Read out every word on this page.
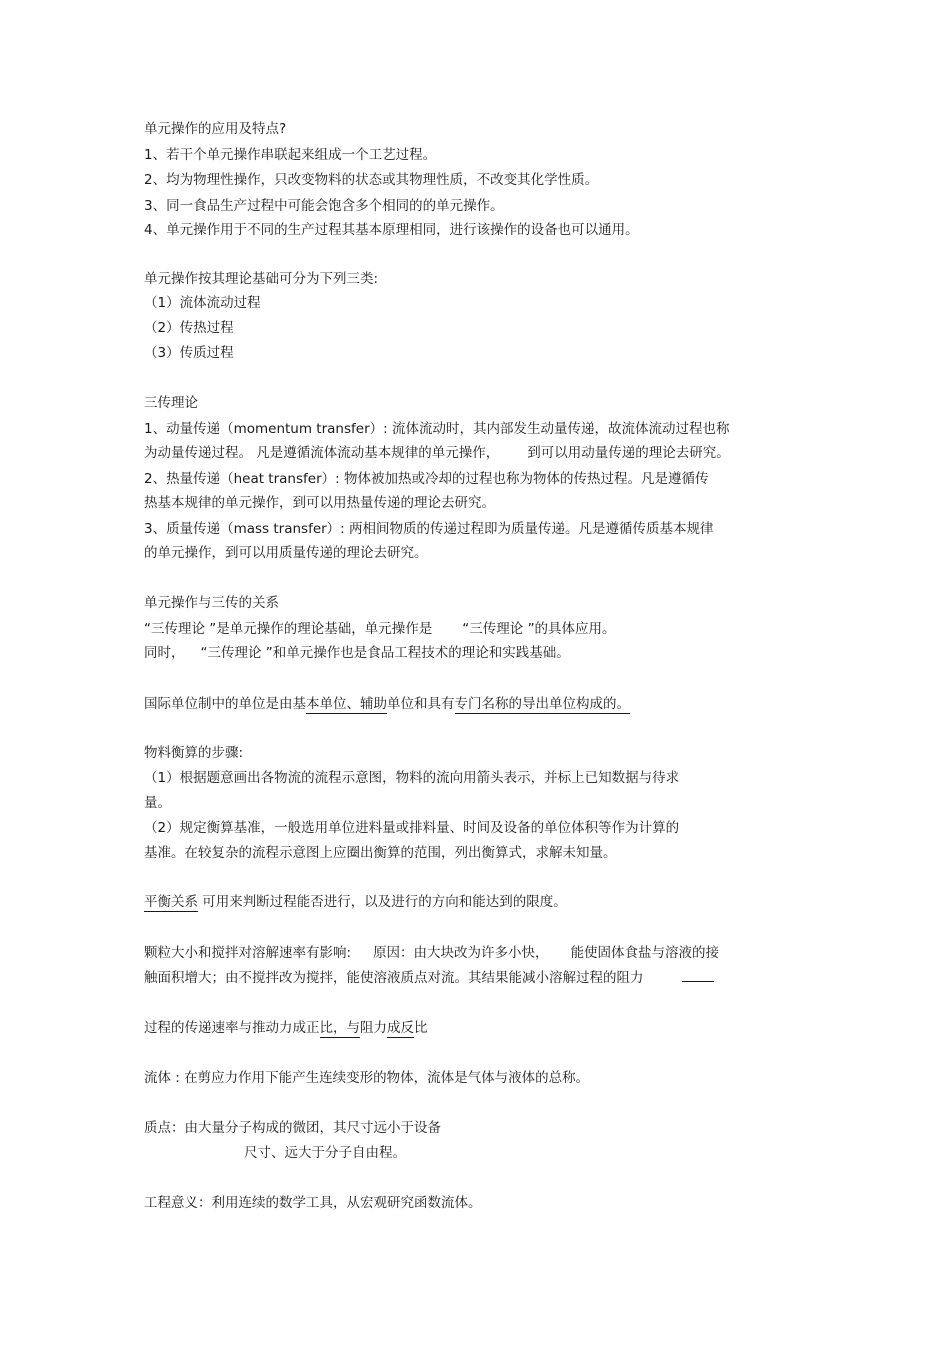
单元操作的应用及特点?
1、若干个单元操作串联起来组成一个工艺过程。
2、均为物理性操作，只改变物料的状态或其物理性质，不改变其化学性质。
3、同一食品生产过程中可能会饱含多个相同的的单元操作。
4、单元操作用于不同的生产过程其基本原理相同，进行该操作的设备也可以通用。
单元操作按其理论基础可分为下列三类:
（1）流体流动过程
（2）传热过程
（3）传质过程
三传理论
1、动量传递（momentum transfer）: 流体流动时，其内部发生动量传递，故流体流动过程也称
为动量传递过程。 凡是遵循流体流动基本规律的单元操作， 到可以用动量传递的理论去研究。
2、热量传递（heat transfer）: 物体被加热或冷却的过程也称为物体的传热过程。凡是遵循传
热基本规律的单元操作，到可以用热量传递的理论去研究。
3、质量传递（mass transfer）: 两相间物质的传递过程即为质量传递。凡是遵循传质基本规律
的单元操作，到可以用质量传递的理论去研究。
单元操作与三传的关系
“三传理论 ”是单元操作的理论基础，单元操作是 “三传理论 ”的具体应用。
同时， “三传理论 ”和单元操作也是食品工程技术的理论和实践基础。
国际单位制中的单位是由基本单位、辅助单位和具有专门名称的导出单位构成的。
物料衡算的步骤:
（1）根据题意画出各物流的流程示意图，物料的流向用箭头表示，并标上已知数据与待求
量。
（2）规定衡算基准，一般选用单位进料量或排料量、时间及设备的单位体积等作为计算的
基准。在较复杂的流程示意图上应圈出衡算的范围，列出衡算式，求解未知量。
平衡关系 可用来判断过程能否进行，以及进行的方向和能达到的限度。
颗粒大小和搅拌对溶解速率有影响: 原因：由大块改为许多小快， 能使固体食盐与溶液的接
触面积增大；由不搅拌改为搅拌，能使溶液质点对流。其结果能减小溶解过程的阻力
过程的传递速率与推动力成正比，与阻力成反比
流体 : 在剪应力作用下能产生连续变形的物体，流体是气体与液体的总称。
质点：由大量分子构成的微团，其尺寸远小于设备
尺寸、远大于分子自由程。
工程意义：利用连续的数学工具，从宏观研究函数流体。
